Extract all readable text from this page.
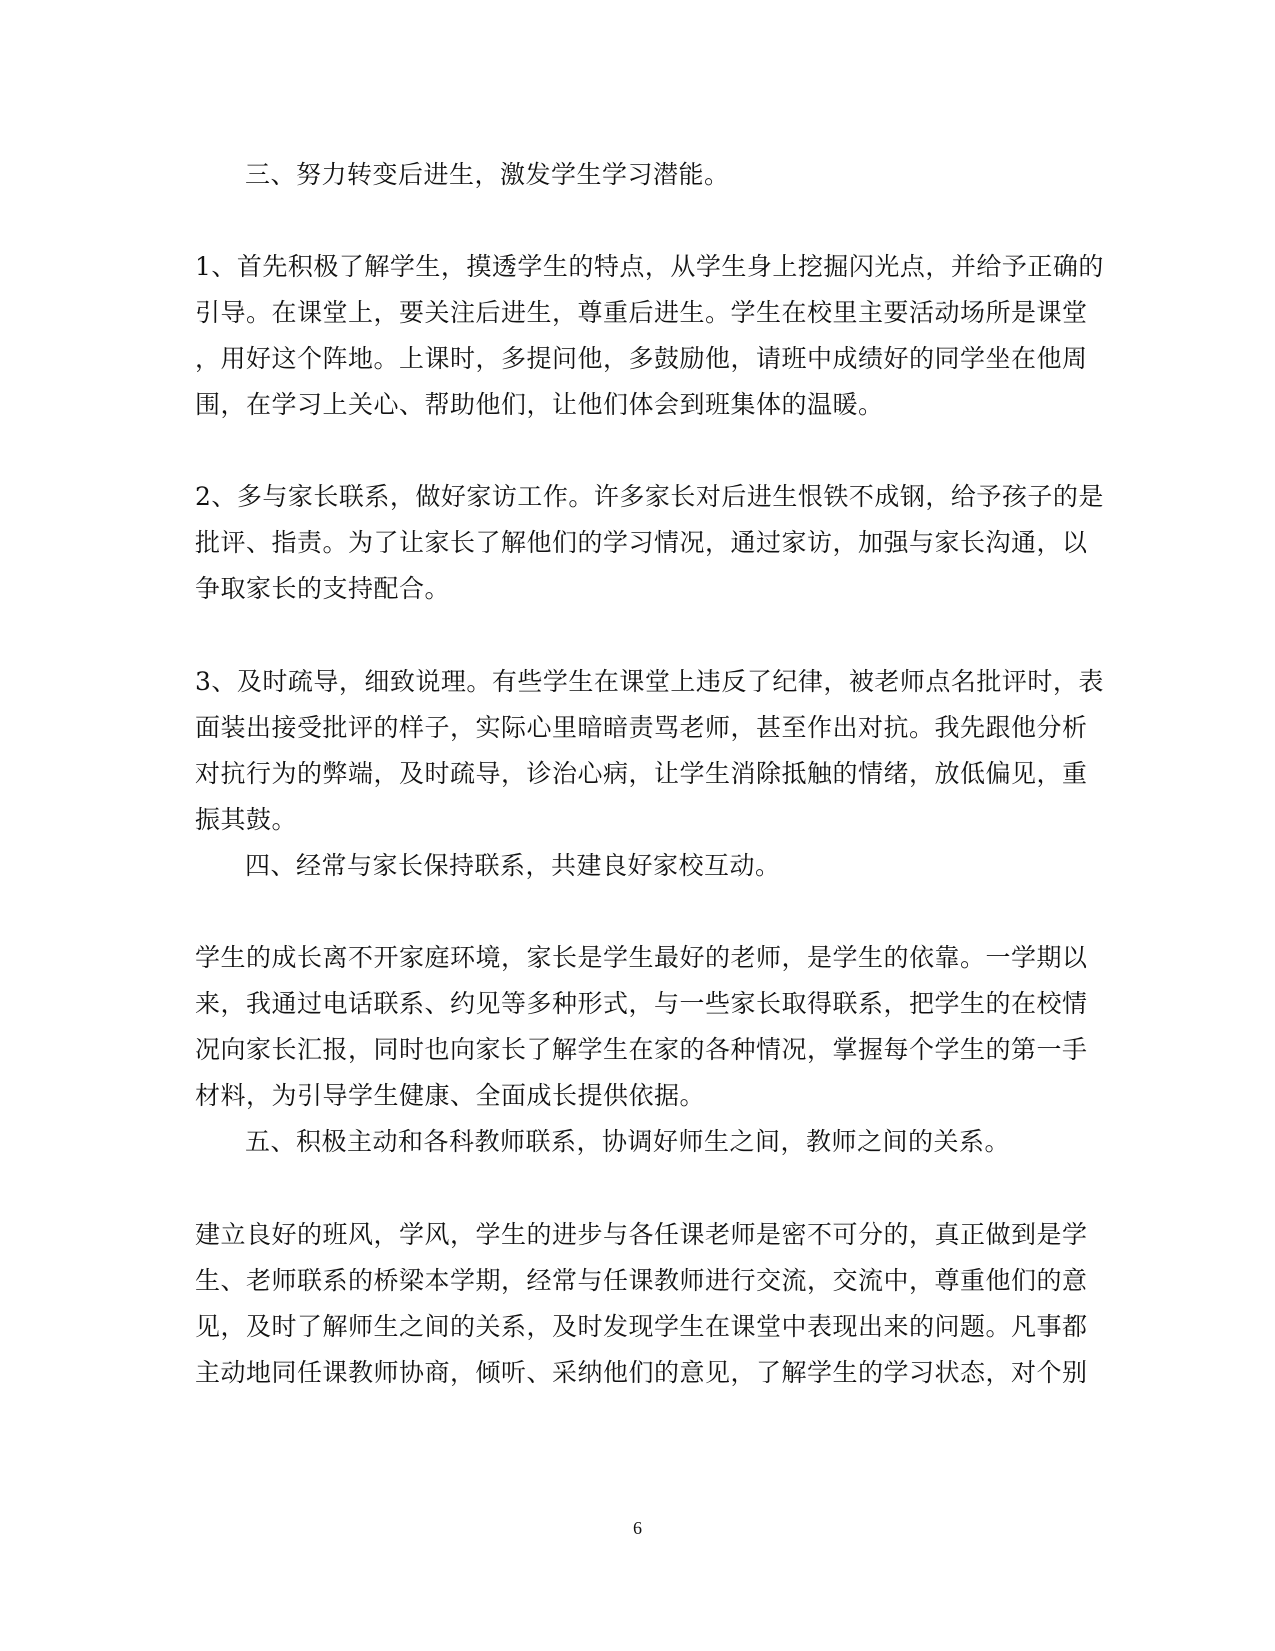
三、努力转变后进生，激发学生学习潜能。
1、首先积极了解学生，摸透学生的特点，从学生身上挖掘闪光点，并给予正确的
引导。在课堂上，要关注后进生，尊重后进生。学生在校里主要活动场所是课堂
，用好这个阵地。上课时，多提问他，多鼓励他，请班中成绩好的同学坐在他周
围，在学习上关心、帮助他们，让他们体会到班集体的温暖。
2、多与家长联系，做好家访工作。许多家长对后进生恨铁不成钢，给予孩子的是
批评、指责。为了让家长了解他们的学习情况，通过家访，加强与家长沟通，以
争取家长的支持配合。
3、及时疏导，细致说理。有些学生在课堂上违反了纪律，被老师点名批评时，表
面装出接受批评的样子，实际心里暗暗责骂老师，甚至作出对抗。我先跟他分析
对抗行为的弊端，及时疏导，诊治心病，让学生消除抵触的情绪，放低偏见，重
振其鼓。
四、经常与家长保持联系，共建良好家校互动。
学生的成长离不开家庭环境，家长是学生最好的老师，是学生的依靠。一学期以
来，我通过电话联系、约见等多种形式，与一些家长取得联系，把学生的在校情
况向家长汇报，同时也向家长了解学生在家的各种情况，掌握每个学生的第一手
材料，为引导学生健康、全面成长提供依据。
五、积极主动和各科教师联系，协调好师生之间，教师之间的关系。
建立良好的班风，学风，学生的进步与各任课老师是密不可分的，真正做到是学
生、老师联系的桥梁本学期，经常与任课教师进行交流，交流中，尊重他们的意
见，及时了解师生之间的关系，及时发现学生在课堂中表现出来的问题。凡事都
主动地同任课教师协商，倾听、采纳他们的意见，了解学生的学习状态，对个别
6
